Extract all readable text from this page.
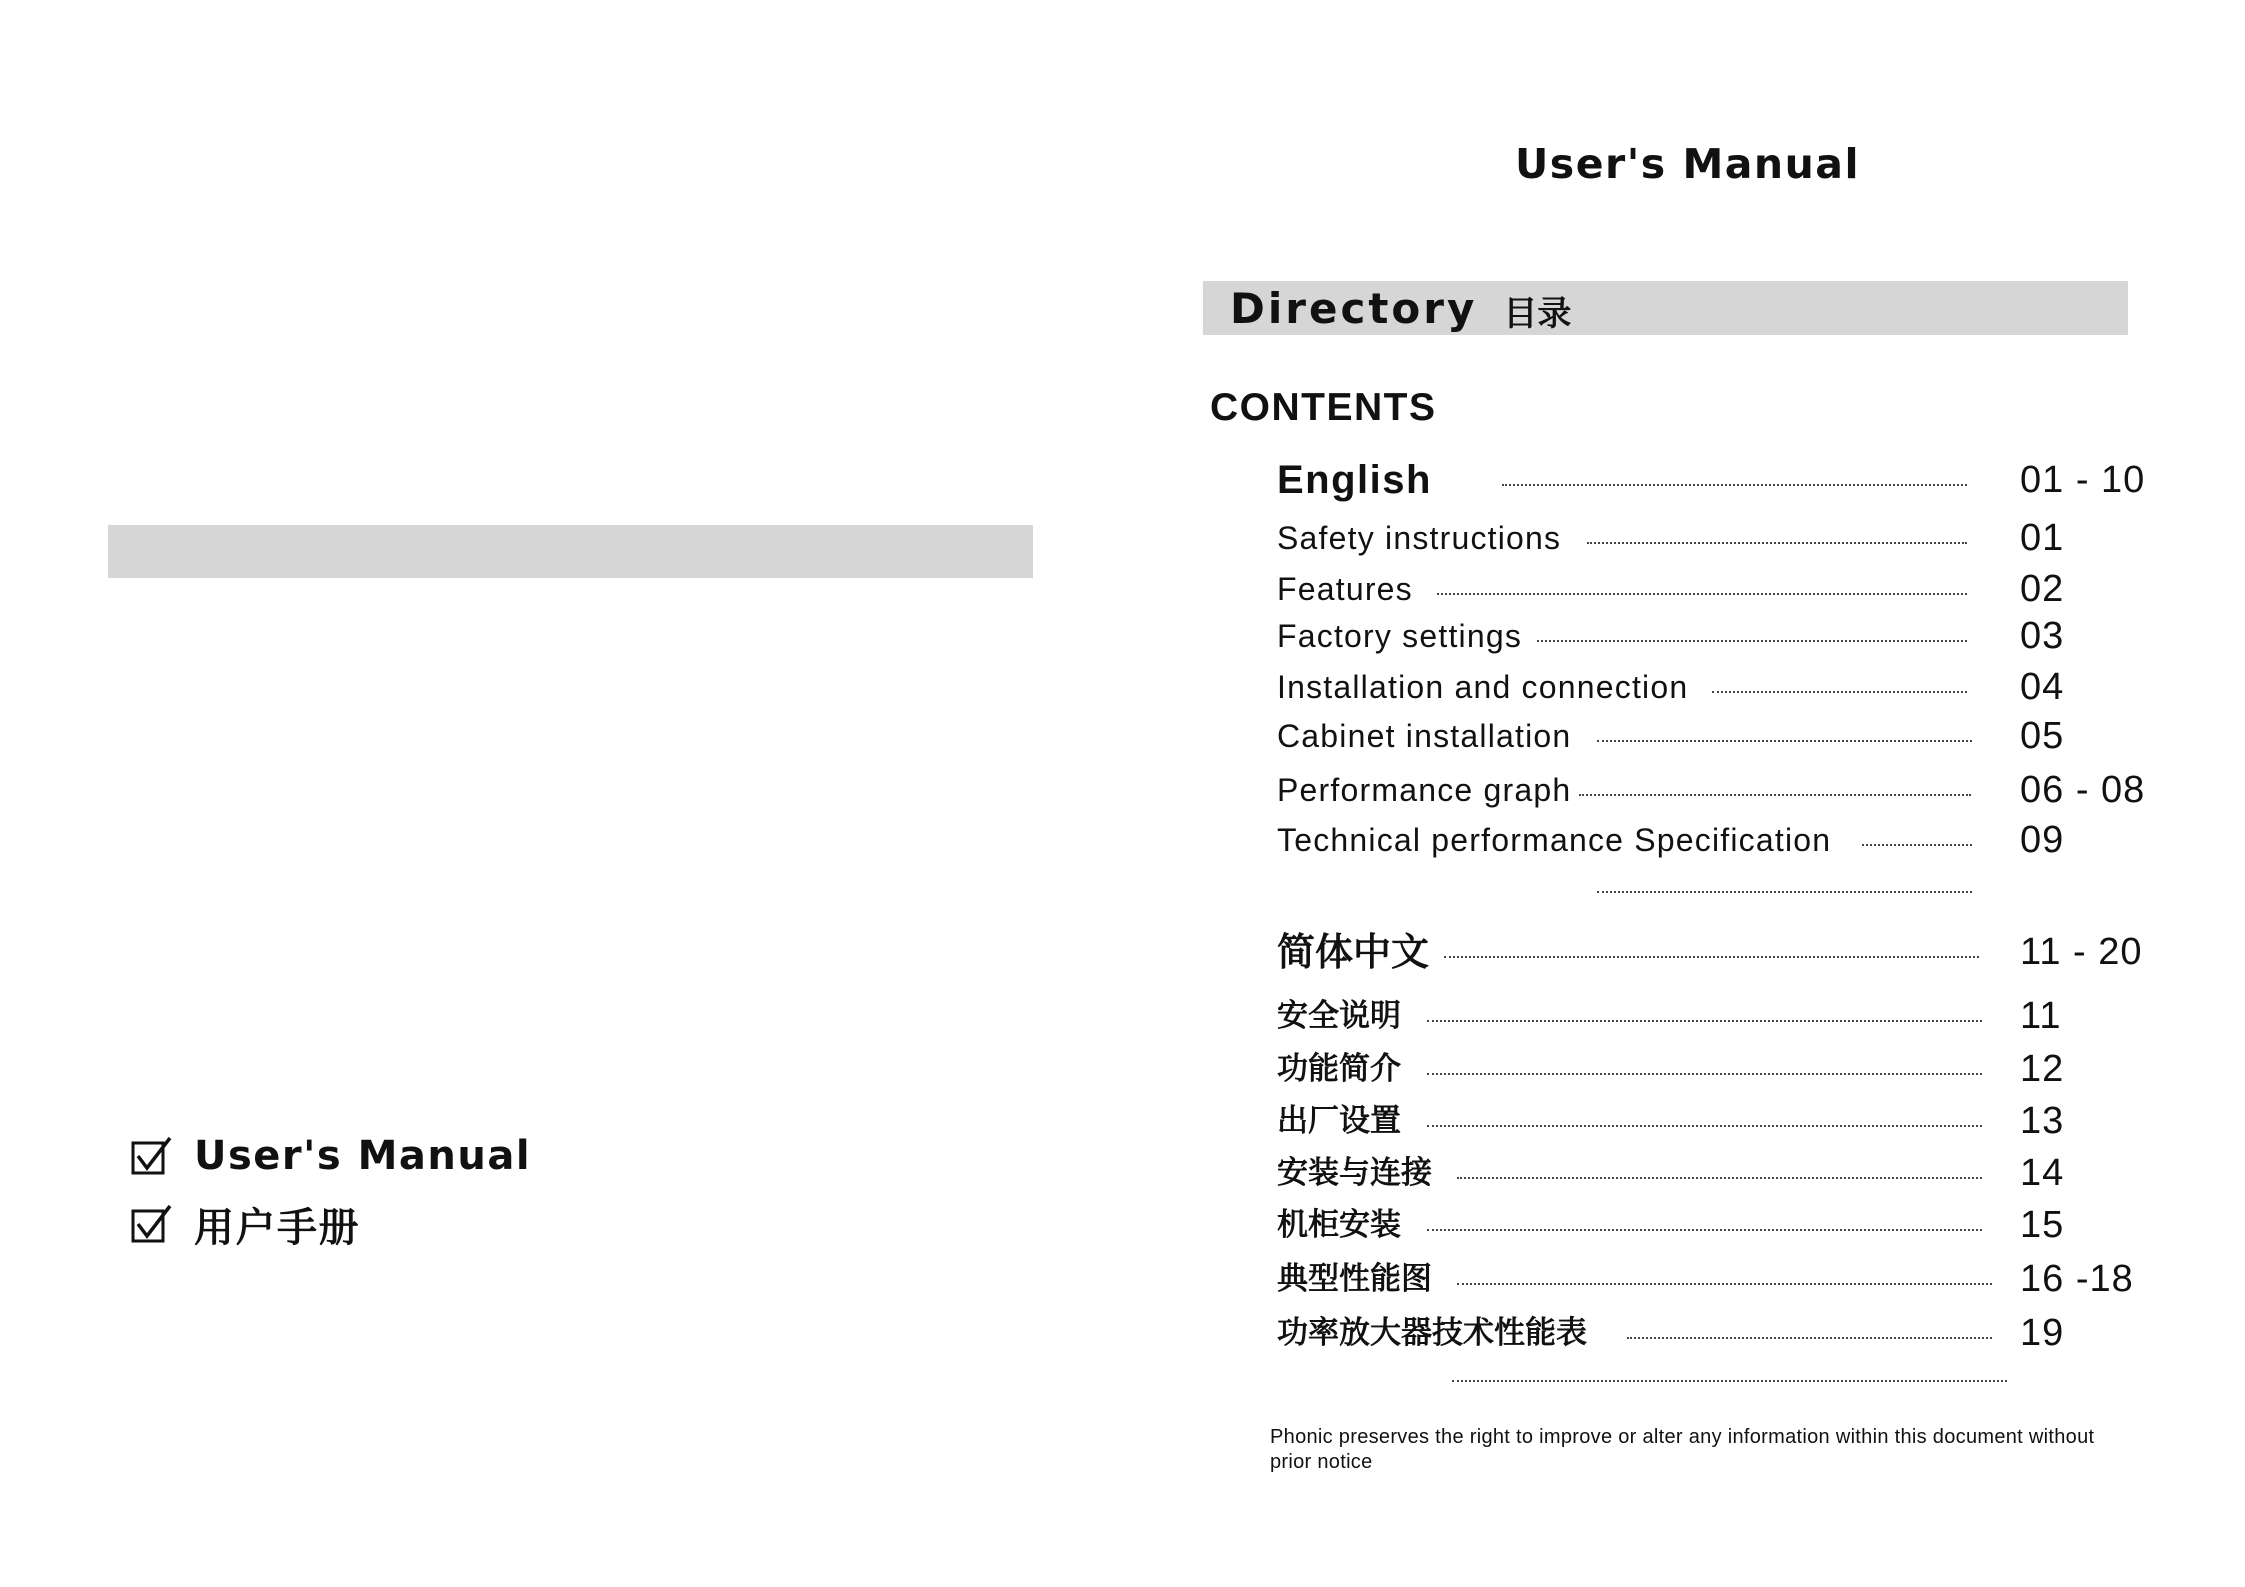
User's Manual
用户手册
User's Manual
Directory 目录
CONTENTS
English	01 - 10
Safety instructions	01
Features	02
Factory settings	03
Installation and connection	04
Cabinet installation	05
Performance graph	06 - 08
Technical performance Specification	09
简体中文	11 - 20
安全说明	11
功能简介	12
出厂设置	13
安装与连接	14
机柜安装	15
典型性能图	16 -18
功率放大器技术性能表	19
Phonic preserves the right to improve or alter any information within this document without prior notice
